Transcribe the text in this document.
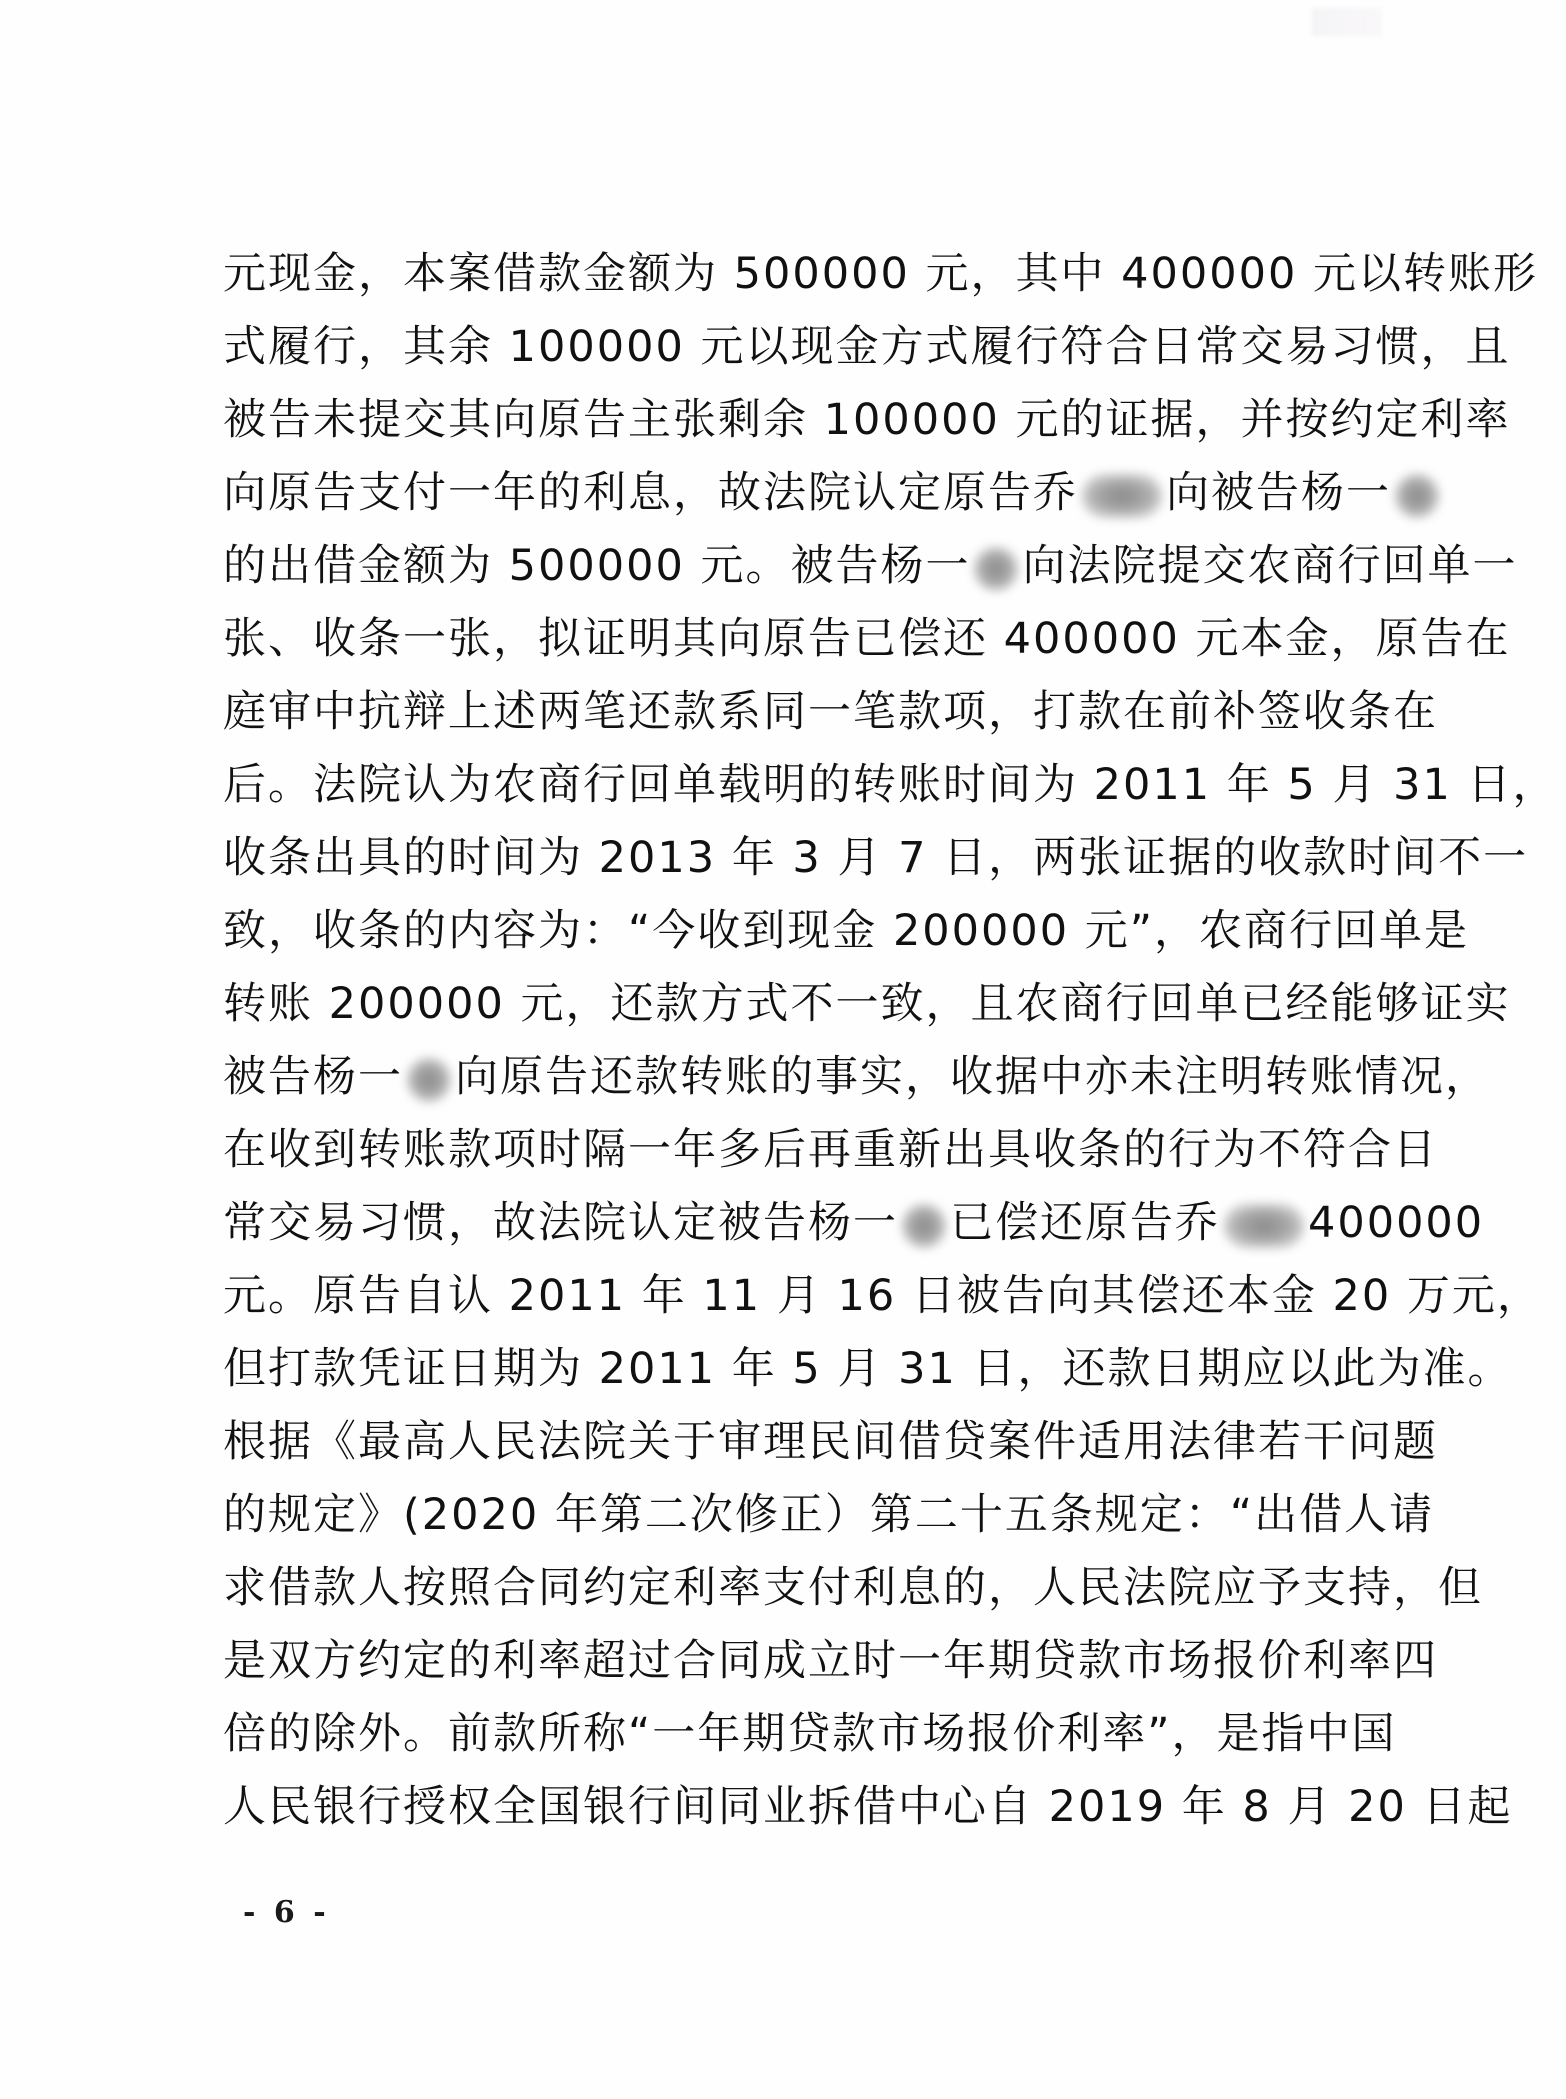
元现金，本案借款金额为 500000 元，其中 400000 元以转账形
式履行，其余 100000 元以现金方式履行符合日常交易习惯，且
被告未提交其向原告主张剩余 100000 元的证据，并按约定利率
向原告支付一年的利息，故法院认定原告乔 向被告杨一
的出借金额为 500000 元。被告杨一 向法院提交农商行回单一
张、收条一张，拟证明其向原告已偿还 400000 元本金，原告在
庭审中抗辩上述两笔还款系同一笔款项，打款在前补签收条在
后。法院认为农商行回单载明的转账时间为 2011 年 5 月 31 日，
收条出具的时间为 2013 年 3 月 7 日，两张证据的收款时间不一
致，收条的内容为：“今收到现金 200000 元”，农商行回单是
转账 200000 元，还款方式不一致，且农商行回单已经能够证实
被告杨一 向原告还款转账的事实，收据中亦未注明转账情况，
在收到转账款项时隔一年多后再重新出具收条的行为不符合日
常交易习惯，故法院认定被告杨一 已偿还原告乔 400000
元。原告自认 2011 年 11 月 16 日被告向其偿还本金 20 万元，
但打款凭证日期为 2011 年 5 月 31 日，还款日期应以此为准。
根据《最高人民法院关于审理民间借贷案件适用法律若干问题
的规定》(2020 年第二次修正）第二十五条规定：“出借人请
求借款人按照合同约定利率支付利息的，人民法院应予支持，但
是双方约定的利率超过合同成立时一年期贷款市场报价利率四
倍的除外。前款所称“一年期贷款市场报价利率”，是指中国
人民银行授权全国银行间同业拆借中心自 2019 年 8 月 20 日起
- 6 -
